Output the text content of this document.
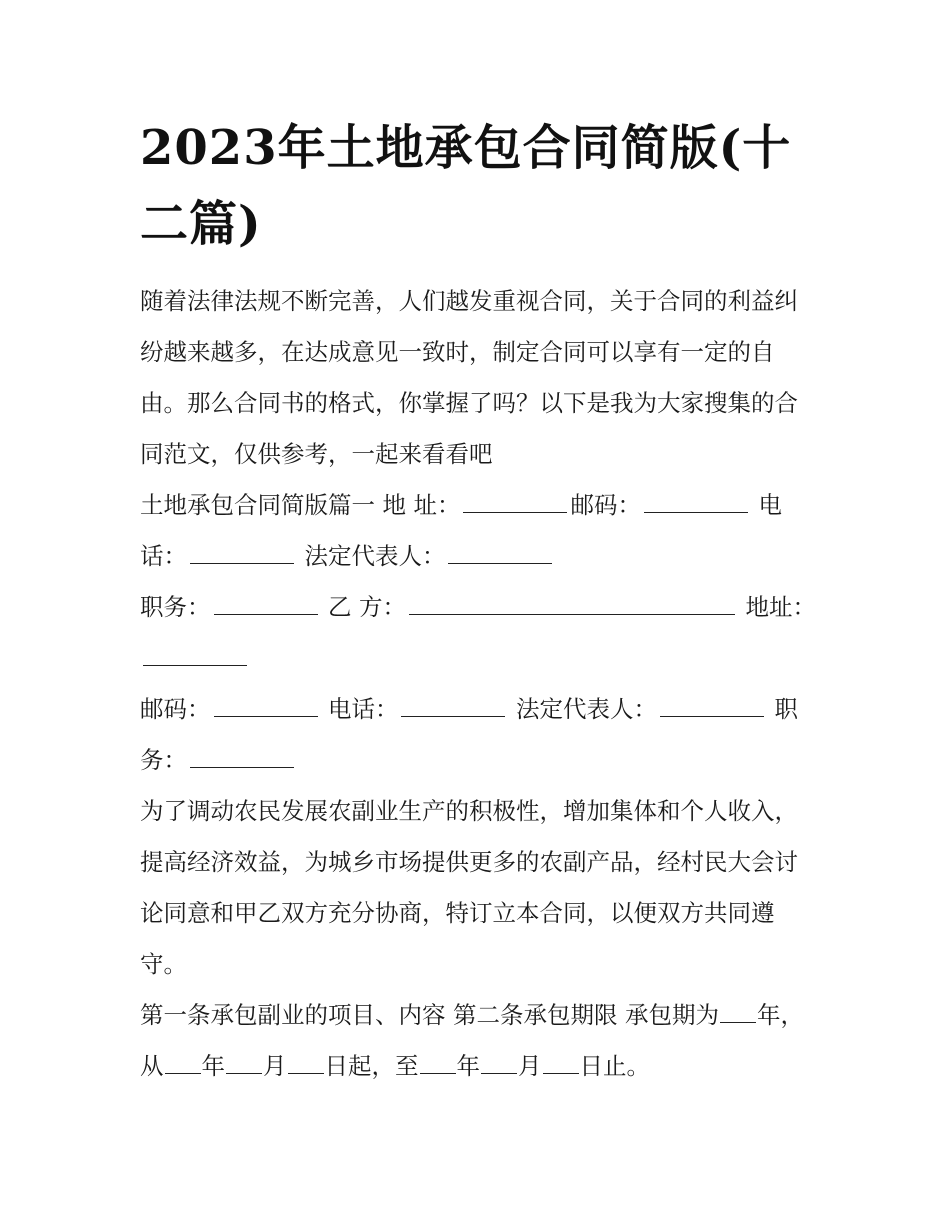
2023年土地承包合同简版(十二篇)

随着法律法规不断完善，人们越发重视合同，关于合同的利益纠纷越来越多，在达成意见一致时，制定合同可以享有一定的自由。那么合同书的格式，你掌握了吗？以下是我为大家搜集的合同范文，仅供参考，一起来看看吧

土地承包合同简版篇一 地 址：	邮码：	电话：	法定代表人：

职务：	乙 方：	地址：

邮码：	电话：	法定代表人：	职务：

为了调动农民发展农副业生产的积极性，增加集体和个人收入，提高经济效益，为城乡市场提供更多的农副产品，经村民大会讨论同意和甲乙双方充分协商，特订立本合同，以便双方共同遵守。

第一条承包副业的项目、内容 第二条承包期限 承包期为 年，从 年 月 日起，至 年 月 日止。
